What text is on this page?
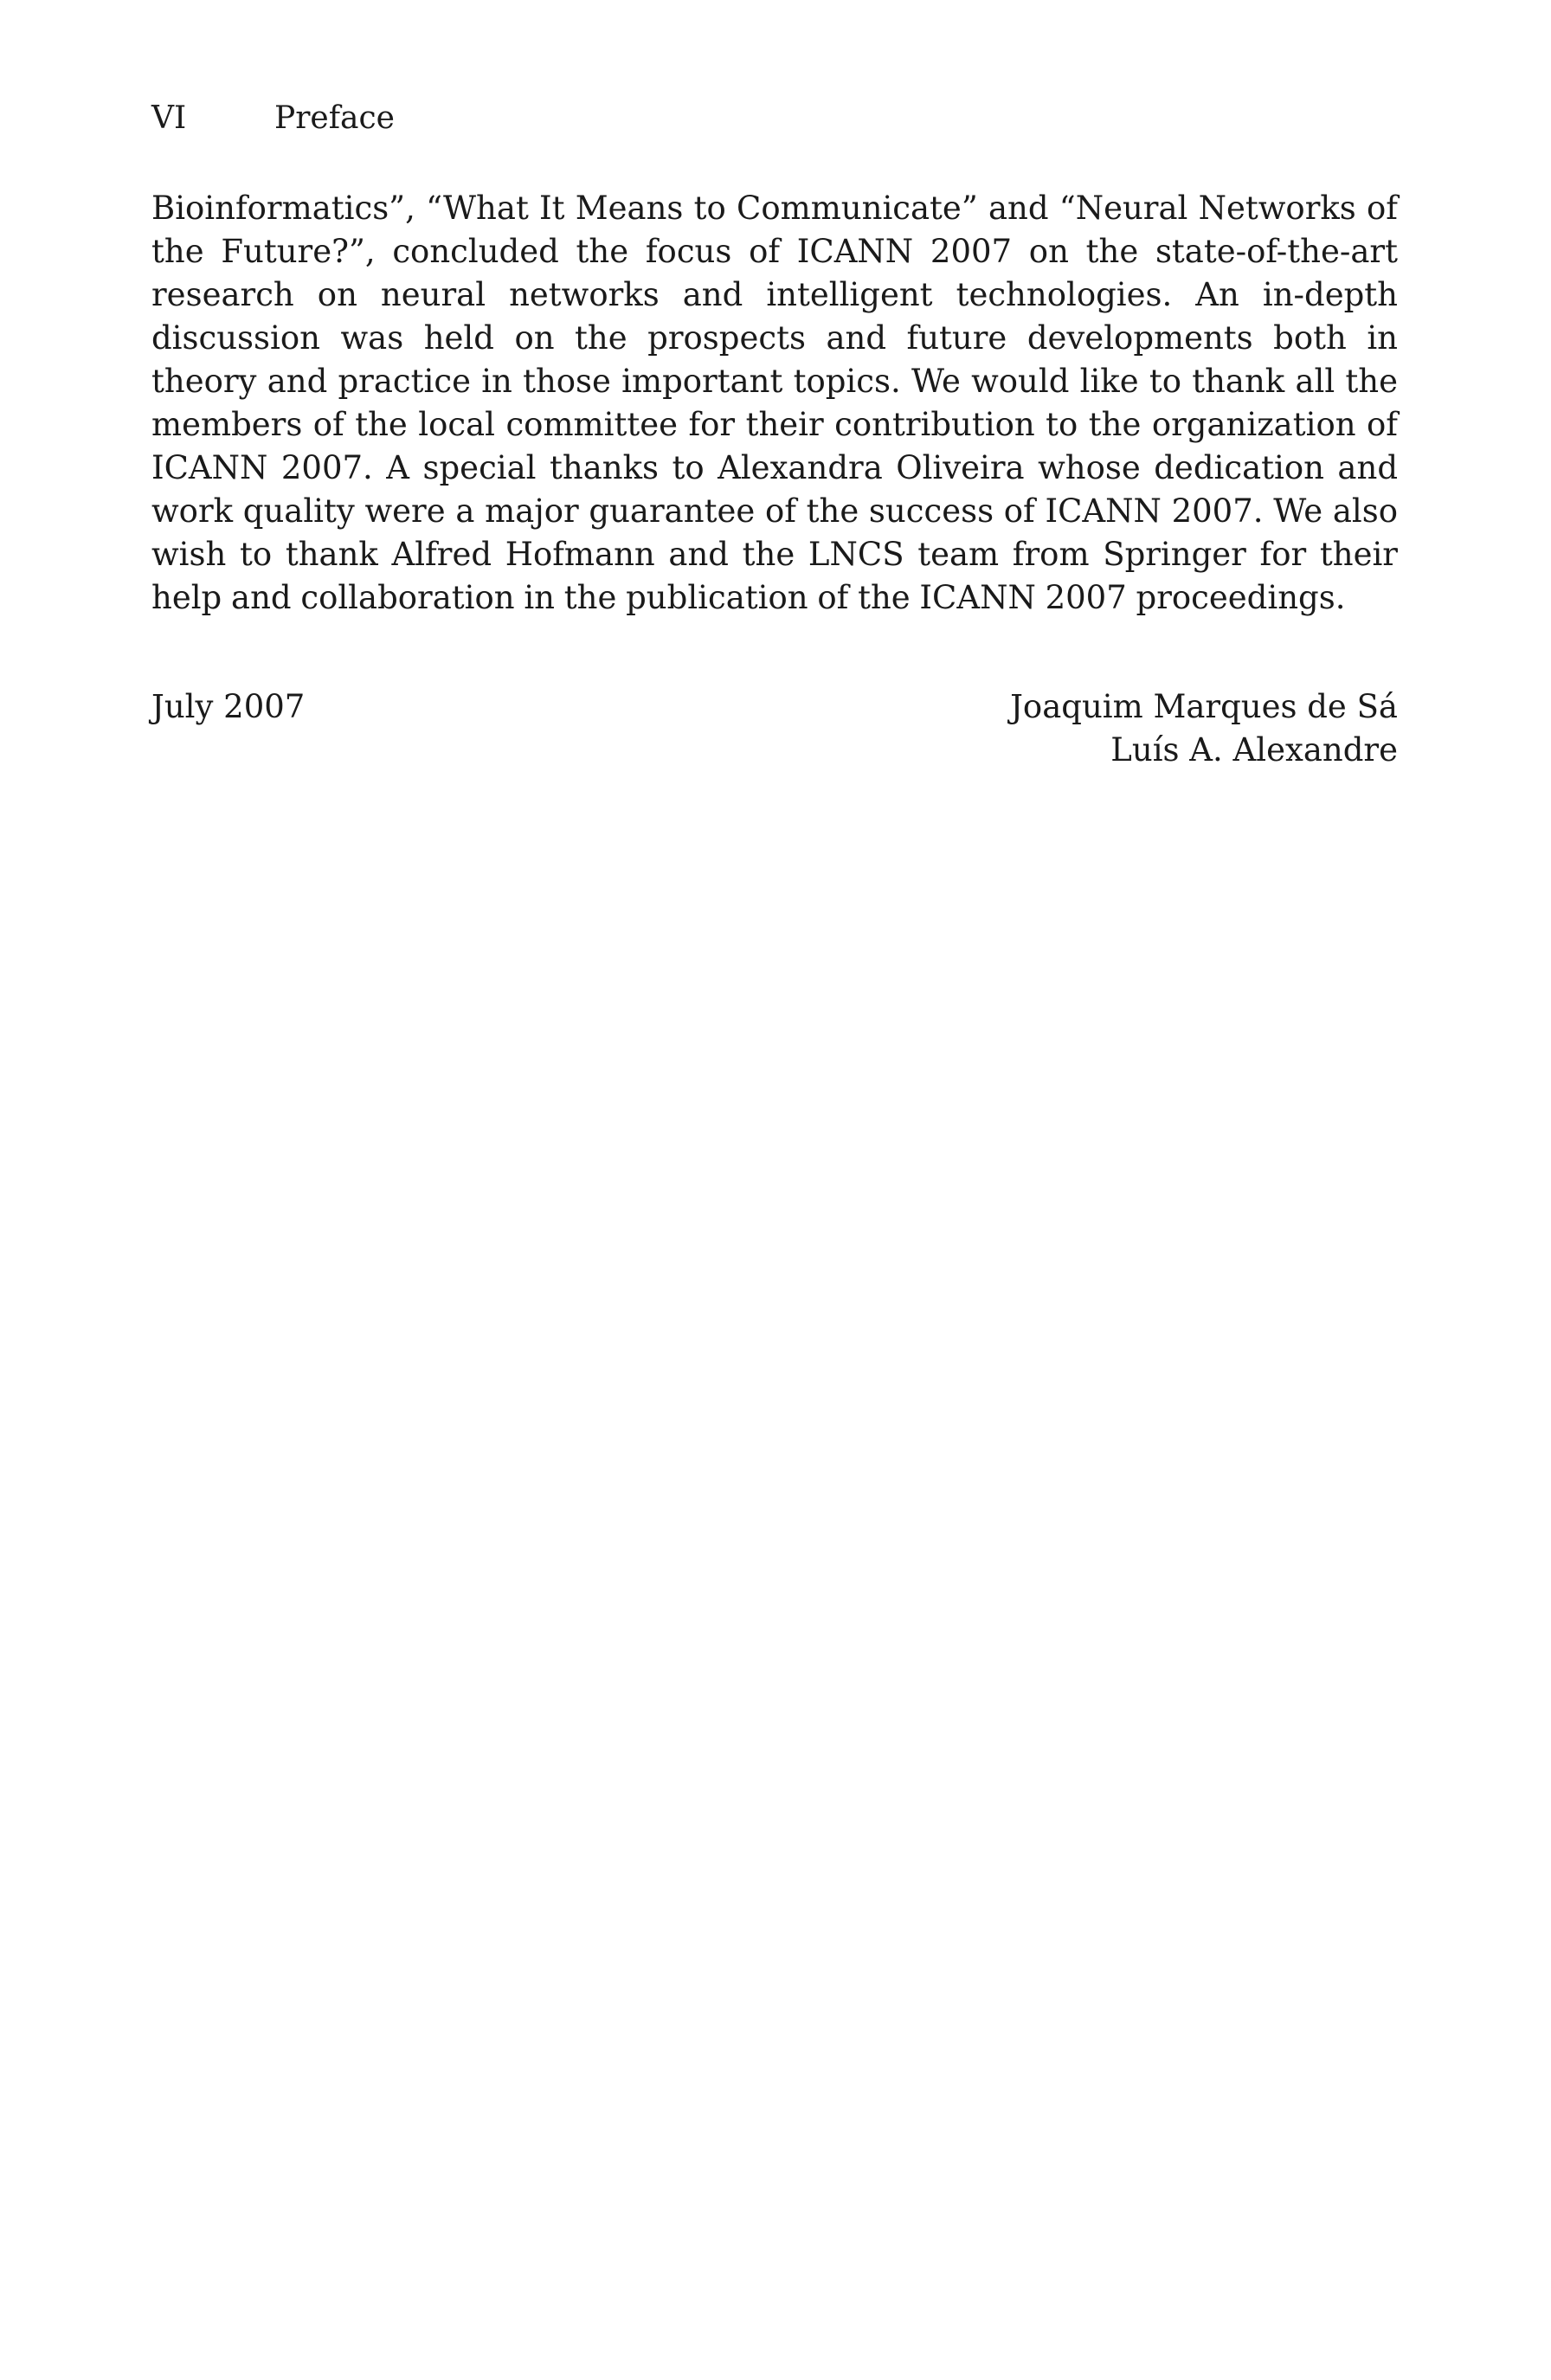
VI	Preface

Bioinformatics”, “What It Means to Communicate” and “Neural Networks of the Future?”, concluded the focus of ICANN 2007 on the state-of-the-art research on neural networks and intelligent technologies. An in-depth discussion was held on the prospects and future developments both in theory and practice in those important topics. We would like to thank all the members of the local committee for their contribution to the organization of ICANN 2007. A special thanks to Alexandra Oliveira whose dedication and work quality were a major guarantee of the success of ICANN 2007. We also wish to thank Alfred Hofmann and the LNCS team from Springer for their help and collaboration in the publication of the ICANN 2007 proceedings.

July 2007	Joaquim Marques de Sá
Luís A. Alexandre
